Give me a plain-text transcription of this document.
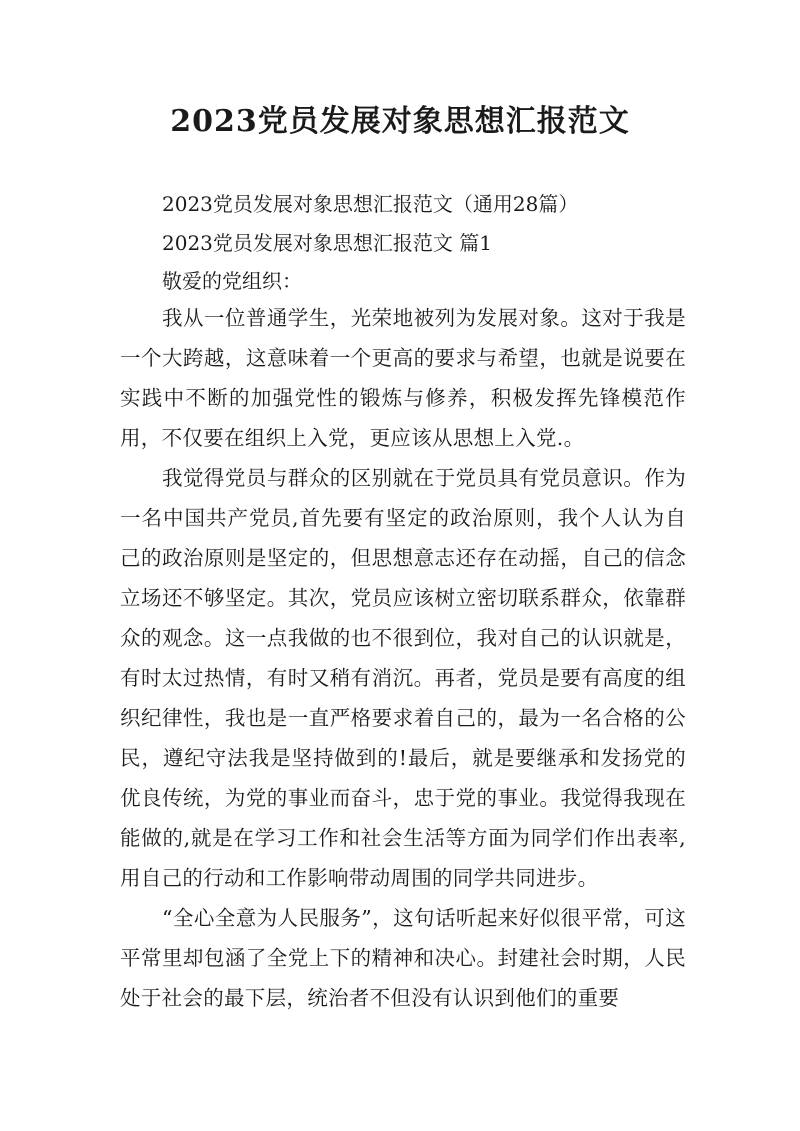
2023党员发展对象思想汇报范文

2023党员发展对象思想汇报范文（通用28篇）

2023党员发展对象思想汇报范文 篇1

敬爱的党组织：

我从一位普通学生，光荣地被列为发展对象。这对于我是一个大跨越，这意味着一个更高的要求与希望，也就是说要在实践中不断的加强党性的锻炼与修养，积极发挥先锋模范作用，不仅要在组织上入党，更应该从思想上入党.。

我觉得党员与群众的区别就在于党员具有党员意识。作为一名中国共产党员,首先要有坚定的政治原则，我个人认为自己的政治原则是坚定的，但思想意志还存在动摇，自己的信念立场还不够坚定。其次，党员应该树立密切联系群众，依靠群众的观念。这一点我做的也不很到位，我对自己的认识就是，有时太过热情，有时又稍有消沉。再者，党员是要有高度的组织纪律性，我也是一直严格要求着自己的，最为一名合格的公民，遵纪守法我是坚持做到的!最后，就是要继承和发扬党的优良传统，为党的事业而奋斗，忠于党的事业。我觉得我现在能做的,就是在学习工作和社会生活等方面为同学们作出表率,用自己的行动和工作影响带动周围的同学共同进步。

“全心全意为人民服务”，这句话听起来好似很平常，可这平常里却包涵了全党上下的精神和决心。封建社会时期，人民处于社会的最下层，统治者不但没有认识到他们的重要
